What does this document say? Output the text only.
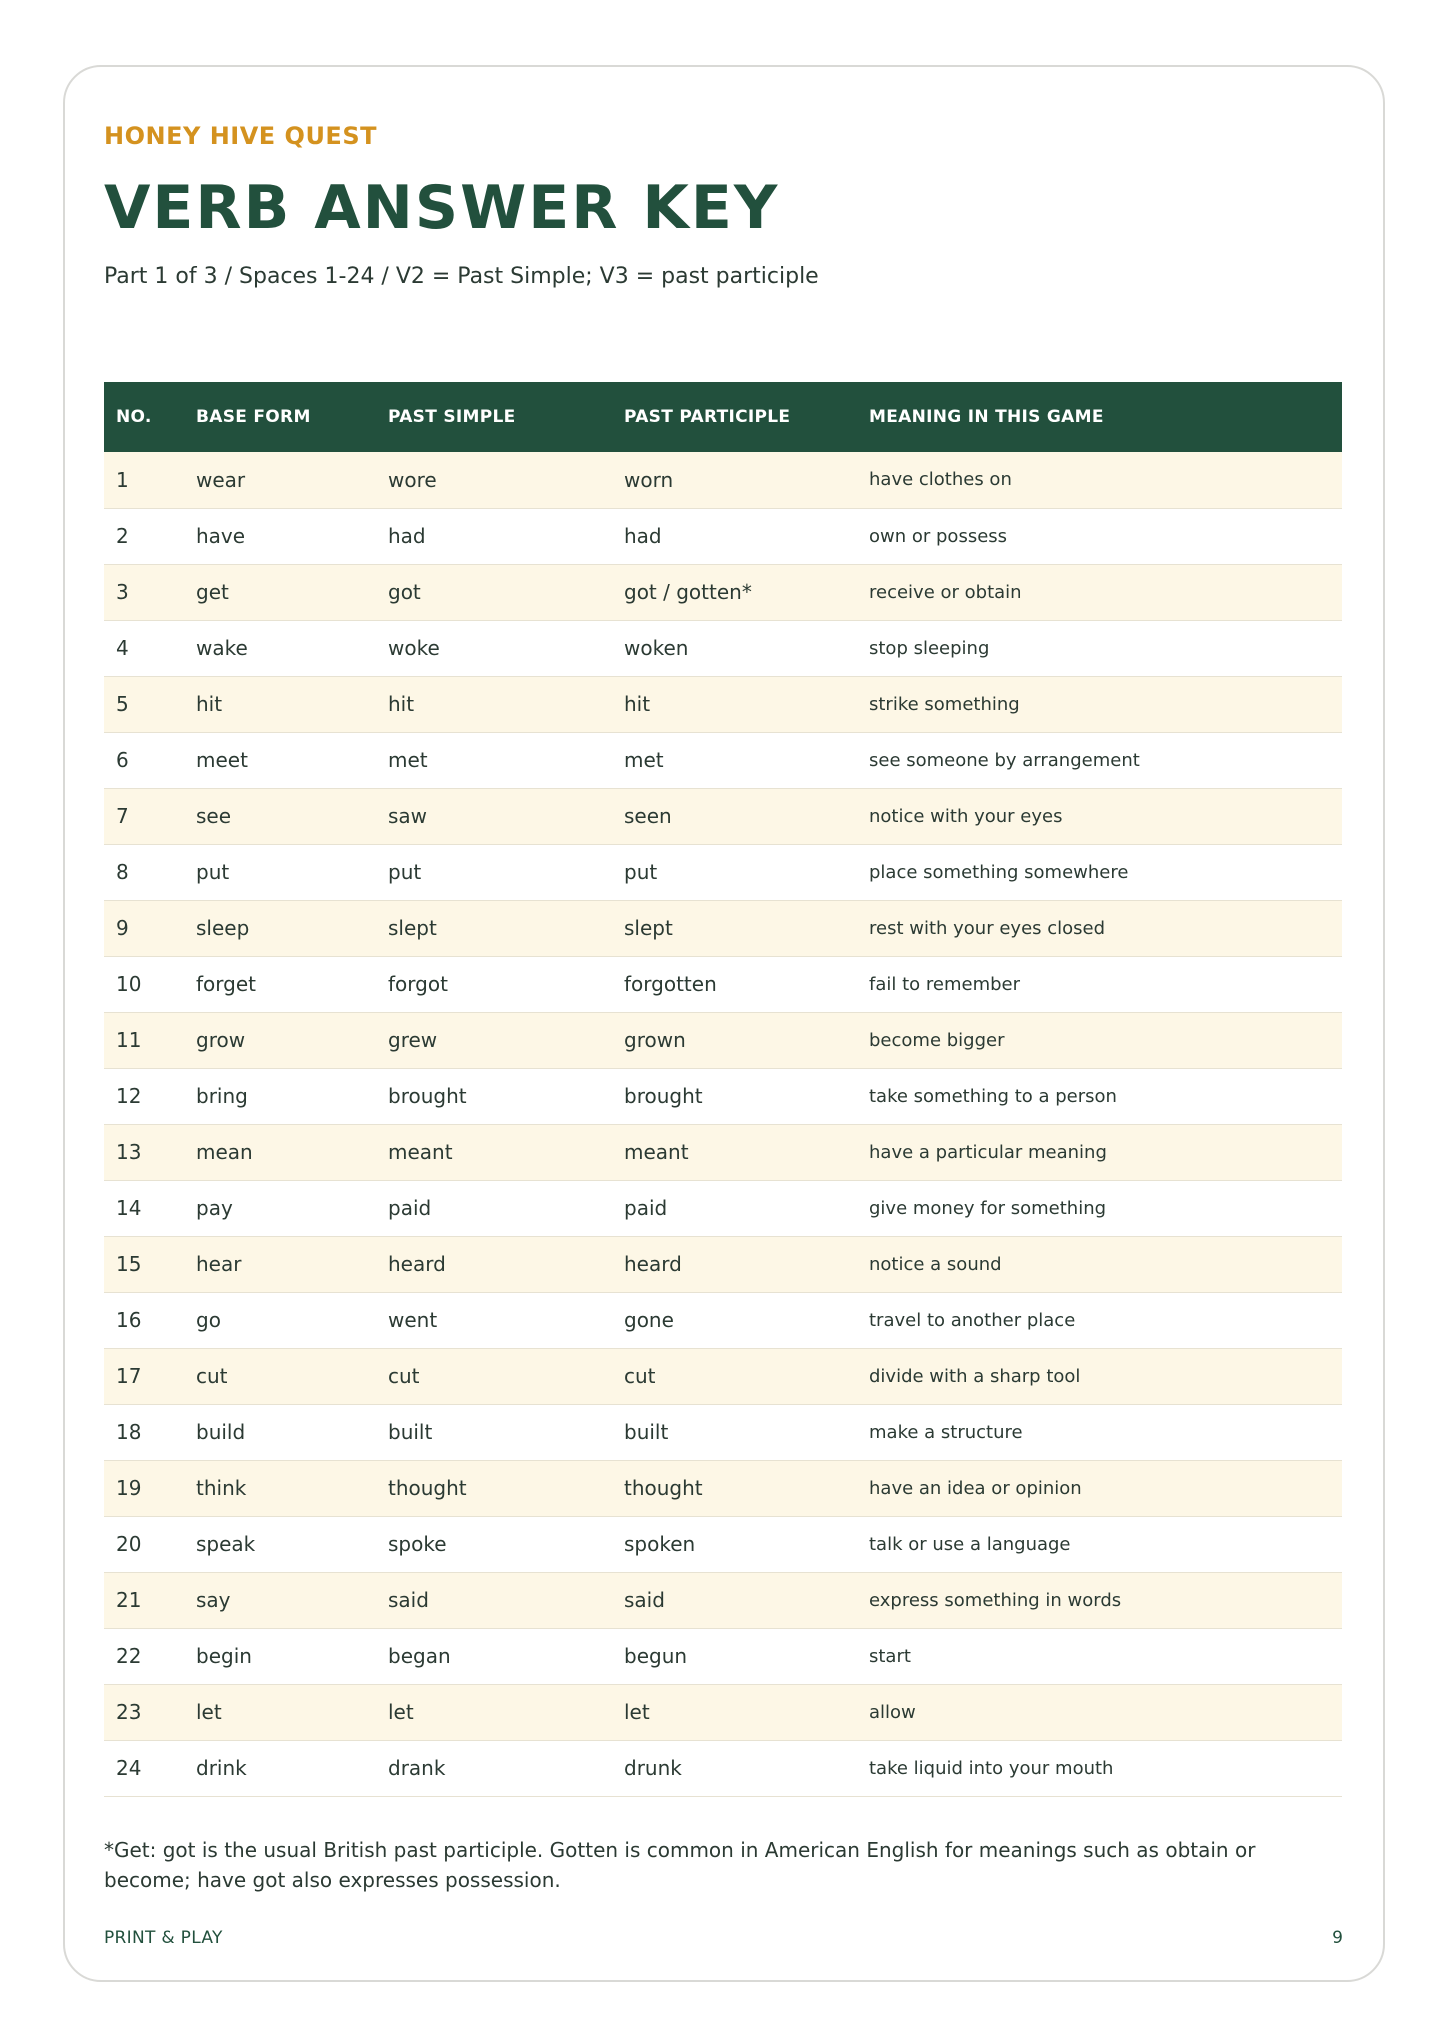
HONEY HIVE QUEST
VERB ANSWER KEY
Part 1 of 3 / Spaces 1-24 / V2 = Past Simple; V3 = past participle
NO.	BASE FORM	PAST SIMPLE	PAST PARTICIPLE	MEANING IN THIS GAME
1	wear	wore	worn	have clothes on
2	have	had	had	own or possess
3	get	got	got / gotten*	receive or obtain
4	wake	woke	woken	stop sleeping
5	hit	hit	hit	strike something
6	meet	met	met	see someone by arrangement
7	see	saw	seen	notice with your eyes
8	put	put	put	place something somewhere
9	sleep	slept	slept	rest with your eyes closed
10	forget	forgot	forgotten	fail to remember
11	grow	grew	grown	become bigger
12	bring	brought	brought	take something to a person
13	mean	meant	meant	have a particular meaning
14	pay	paid	paid	give money for something
15	hear	heard	heard	notice a sound
16	go	went	gone	travel to another place
17	cut	cut	cut	divide with a sharp tool
18	build	built	built	make a structure
19	think	thought	thought	have an idea or opinion
20	speak	spoke	spoken	talk or use a language
21	say	said	said	express something in words
22	begin	began	begun	start
23	let	let	let	allow
24	drink	drank	drunk	take liquid into your mouth
*Get: got is the usual British past participle. Gotten is common in American English for meanings such as obtain or become; have got also expresses possession.
PRINT & PLAY	9
